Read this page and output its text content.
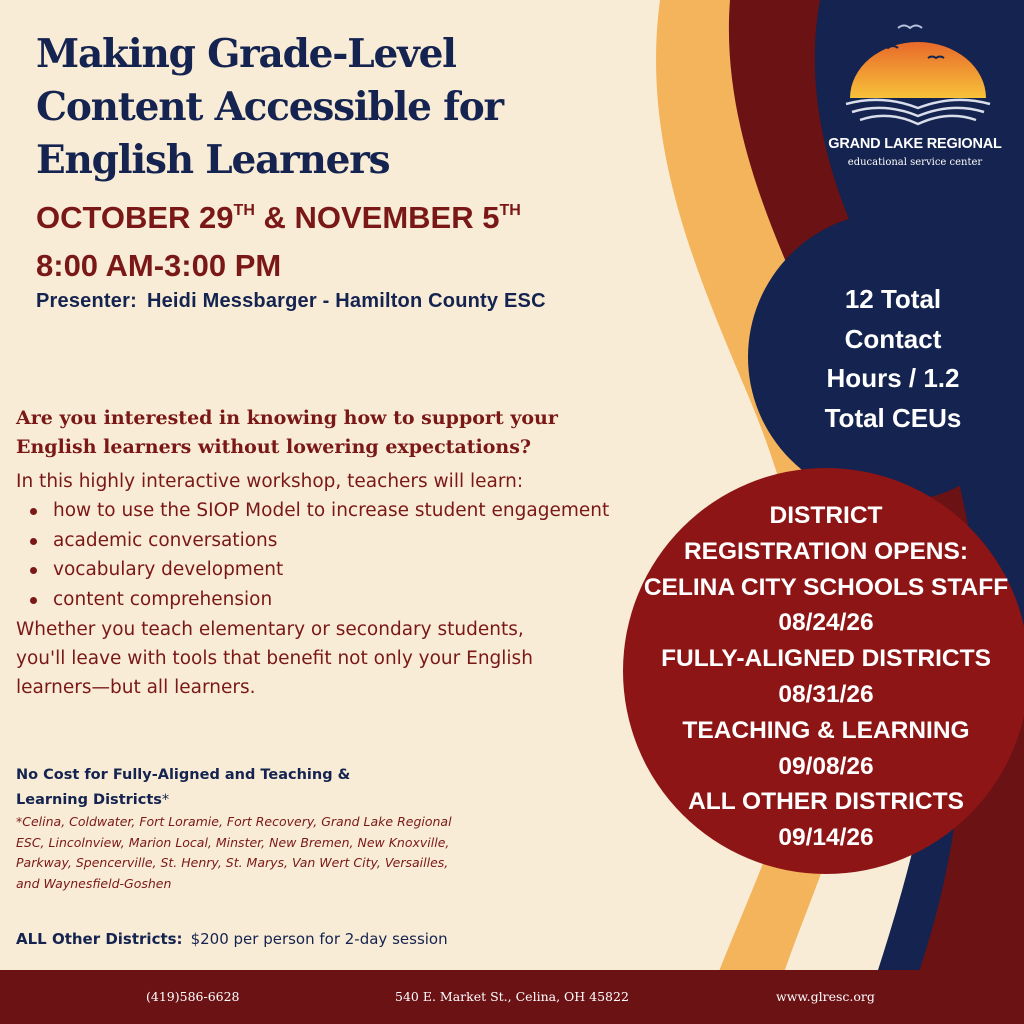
Making Grade-Level Content Accessible for English Learners

OCTOBER 29TH & NOVEMBER 5TH

8:00 AM-3:00 PM

Presenter: Heidi Messbarger - Hamilton County ESC

Are you interested in knowing how to support your English learners without lowering expectations?

In this highly interactive workshop, teachers will learn:

how to use the SIOP Model to increase student engagement
academic conversations
vocabulary development
content comprehension

Whether you teach elementary or secondary students, you'll leave with tools that benefit not only your English learners—but all learners.

No Cost for Fully-Aligned and Teaching & Learning Districts*

*Celina, Coldwater, Fort Loramie, Fort Recovery, Grand Lake Regional ESC, Lincolnview, Marion Local, Minster, New Bremen, New Knoxville, Parkway, Spencerville, St. Henry, St. Marys, Van Wert City, Versailles, and Waynesfield-Goshen

ALL Other Districts: $200 per person for 2-day session

GRAND LAKE REGIONAL
educational service center

12 Total
Contact
Hours / 1.2
Total CEUs

DISTRICT
REGISTRATION OPENS:
CELINA CITY SCHOOLS STAFF
08/24/26
FULLY-ALIGNED DISTRICTS
08/31/26
TEACHING & LEARNING
09/08/26
ALL OTHER DISTRICTS
09/14/26

(419)586-6628	540 E. Market St., Celina, OH 45822	www.glresc.org
